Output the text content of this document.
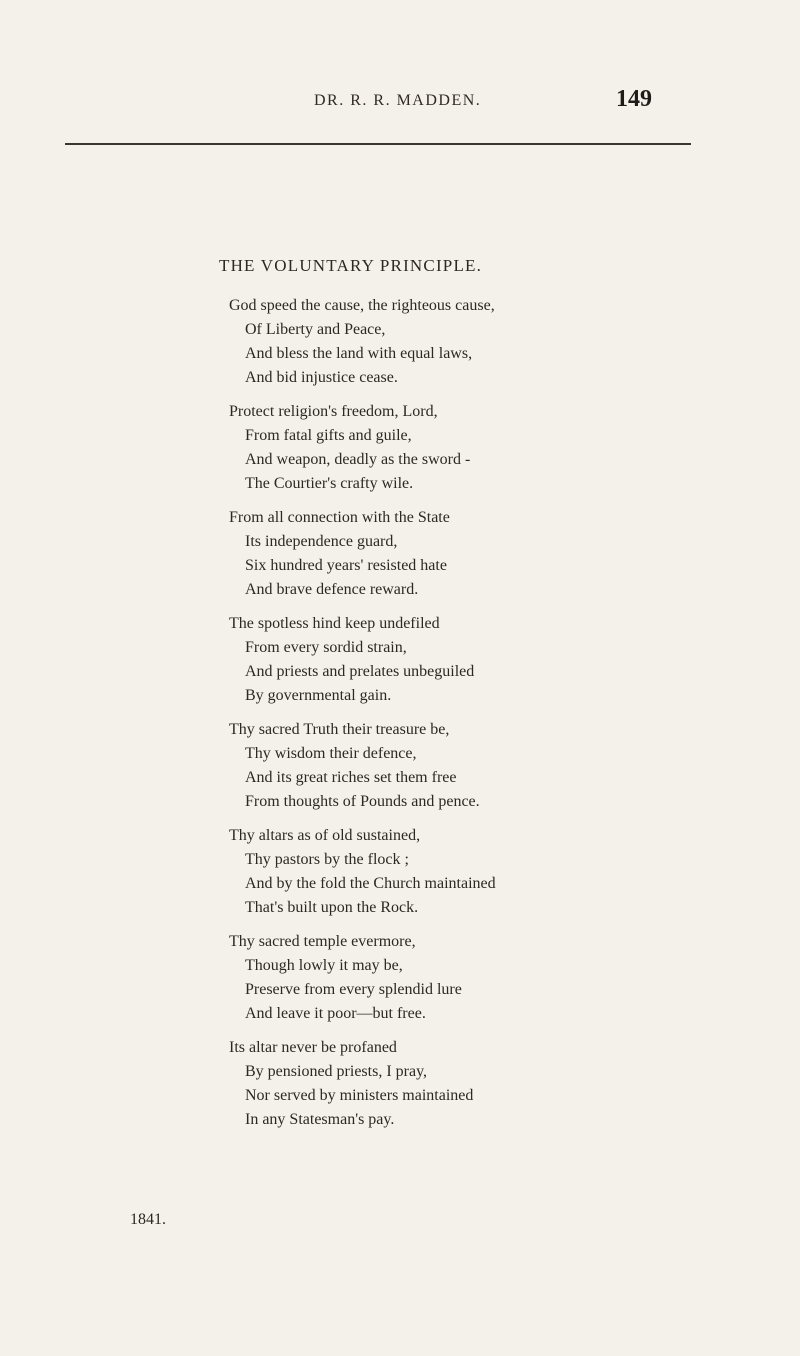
DR. R. R. MADDEN.	149
THE VOLUNTARY PRINCIPLE.
God speed the cause, the righteous cause,
Of Liberty and Peace,
And bless the land with equal laws,
And bid injustice cease.
Protect religion's freedom, Lord,
From fatal gifts and guile,
And weapon, deadly as the sword -
The Courtier's crafty wile.
From all connection with the State
Its independence guard,
Six hundred years' resisted hate
And brave defence reward.
The spotless hind keep undefiled
From every sordid strain,
And priests and prelates unbeguiled
By governmental gain.
Thy sacred Truth their treasure be,
Thy wisdom their defence,
And its great riches set them free
From thoughts of Pounds and pence.
Thy altars as of old sustained,
Thy pastors by the flock ;
And by the fold the Church maintained
That's built upon the Rock.
Thy sacred temple evermore,
Though lowly it may be,
Preserve from every splendid lure
And leave it poor—but free.
Its altar never be profaned
By pensioned priests, I pray,
Nor served by ministers maintained
In any Statesman's pay.
1841.
